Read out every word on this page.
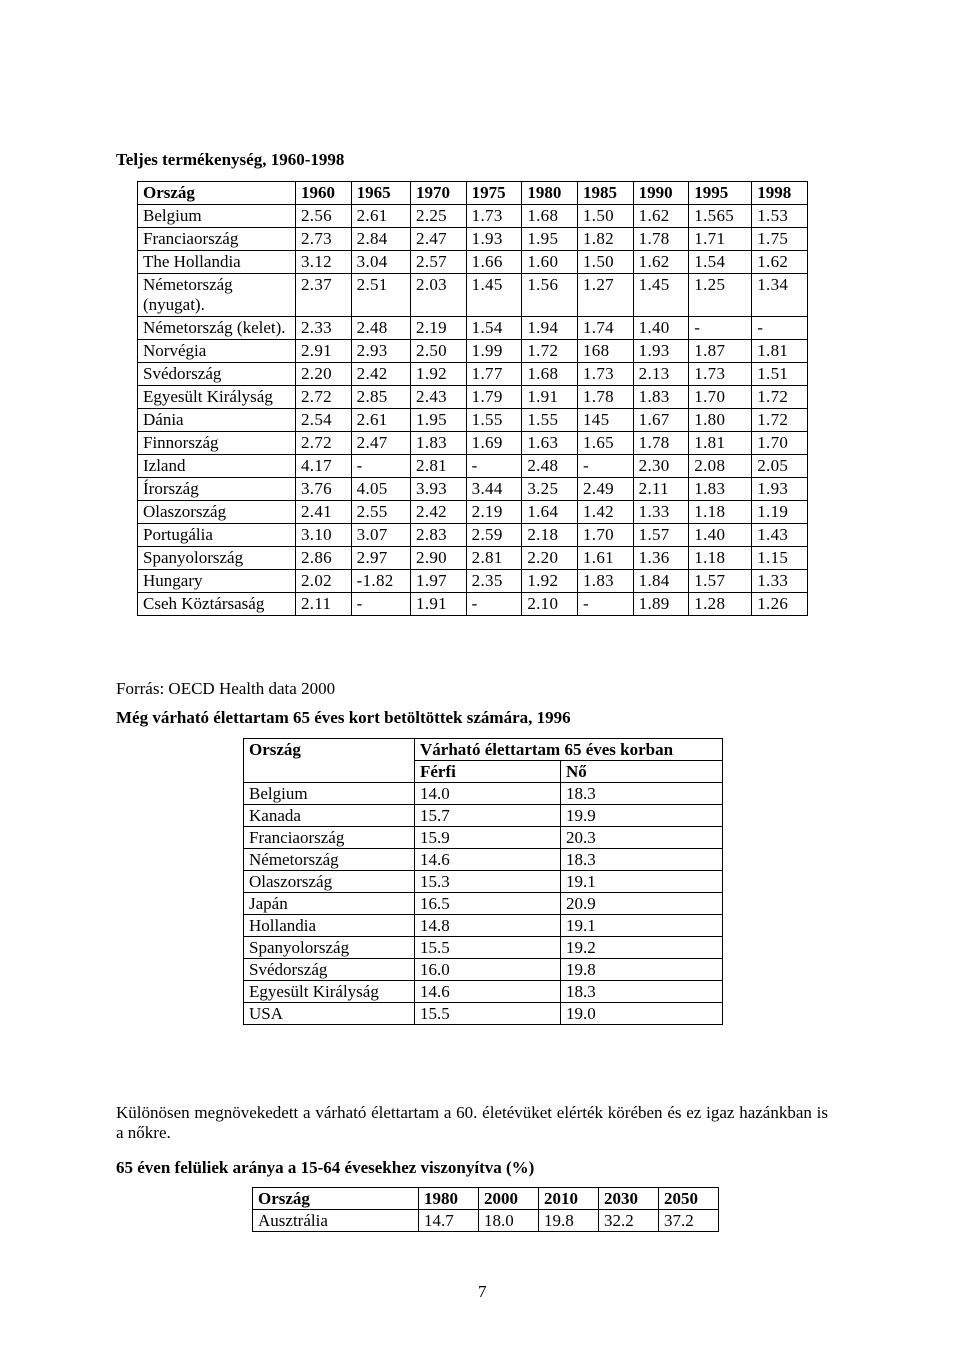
Teljes termékenység, 1960-1998
Ország	1960	1965	1970	1975	1980	1985	1990	1995	1998
Belgium	2.56	2.61	2.25	1.73	1.68	1.50	1.62	1.565	1.53
Franciaország	2.73	2.84	2.47	1.93	1.95	1.82	1.78	1.71	1.75
The Hollandia	3.12	3.04	2.57	1.66	1.60	1.50	1.62	1.54	1.62
Németország (nyugat).	2.37	2.51	2.03	1.45	1.56	1.27	1.45	1.25	1.34
Németország (kelet).	2.33	2.48	2.19	1.54	1.94	1.74	1.40	-	-
Norvégia	2.91	2.93	2.50	1.99	1.72	168	1.93	1.87	1.81
Svédország	2.20	2.42	1.92	1.77	1.68	1.73	2.13	1.73	1.51
Egyesült Királyság	2.72	2.85	2.43	1.79	1.91	1.78	1.83	1.70	1.72
Dánia	2.54	2.61	1.95	1.55	1.55	145	1.67	1.80	1.72
Finnország	2.72	2.47	1.83	1.69	1.63	1.65	1.78	1.81	1.70
Izland	4.17	-	2.81	-	2.48	-	2.30	2.08	2.05
Írország	3.76	4.05	3.93	3.44	3.25	2.49	2.11	1.83	1.93
Olaszország	2.41	2.55	2.42	2.19	1.64	1.42	1.33	1.18	1.19
Portugália	3.10	3.07	2.83	2.59	2.18	1.70	1.57	1.40	1.43
Spanyolország	2.86	2.97	2.90	2.81	2.20	1.61	1.36	1.18	1.15
Hungary	2.02	-1.82	1.97	2.35	1.92	1.83	1.84	1.57	1.33
Cseh Köztársaság	2.11	-	1.91	-	2.10	-	1.89	1.28	1.26
Forrás: OECD Health data 2000
Még várható élettartam 65 éves kort betöltöttek számára, 1996
Ország	Várható élettartam 65 éves korban	
	Férfi	Nő
Belgium	14.0	18.3
Kanada	15.7	19.9
Franciaország	15.9	20.3
Németország	14.6	18.3
Olaszország	15.3	19.1
Japán	16.5	20.9
Hollandia	14.8	19.1
Spanyolország	15.5	19.2
Svédország	16.0	19.8
Egyesült Királyság	14.6	18.3
USA	15.5	19.0
Különösen megnövekedett a várható élettartam a 60. életévüket elérték körében és ez igaz hazánkban is a nőkre.
65 éven felüliek aránya a 15-64 évesekhez viszonyítva (%)
Ország	1980	2000	2010	2030	2050
Ausztrália	14.7	18.0	19.8	32.2	37.2
7
